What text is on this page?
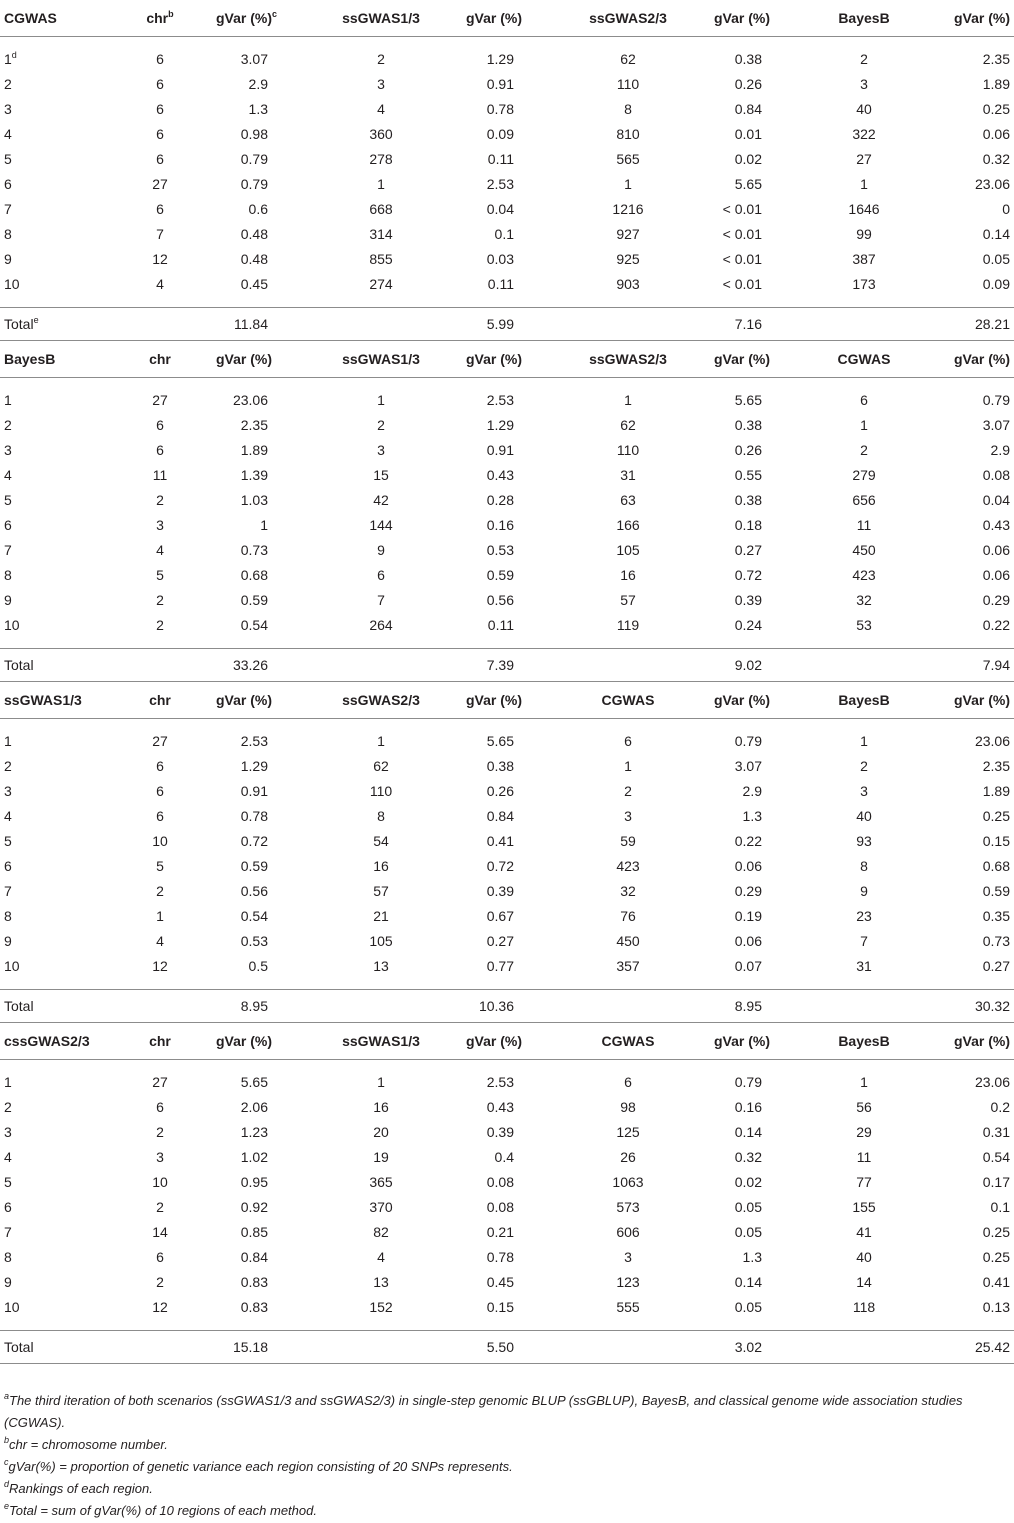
CGWAS	chr$^b$	gVar (%)$^c$	ssGWAS1/3	gVar (%)	ssGWAS2/3	gVar (%)	BayesB	gVar (%)

1$^d$	6	3.07	2	1.29	62	0.38	2	2.35
2	6	2.9	3	0.91	110	0.26	3	1.89
3	6	1.3	4	0.78	8	0.84	40	0.25
4	6	0.98	360	0.09	810	0.01	322	0.06
5	6	0.79	278	0.11	565	0.02	27	0.32
6	27	0.79	1	2.53	1	5.65	1	23.06
7	6	0.6	668	0.04	1216	< 0.01	1646	0
8	7	0.48	314	0.1	927	< 0.01	99	0.14
9	12	0.48	855	0.03	925	< 0.01	387	0.05
10	4	0.45	274	0.11	903	< 0.01	173	0.09

Total$^e$		11.84		5.99		7.16		28.21
BayesB	chr	gVar (%)	ssGWAS1/3	gVar (%)	ssGWAS2/3	gVar (%)	CGWAS	gVar (%)

1	27	23.06	1	2.53	1	5.65	6	0.79
2	6	2.35	2	1.29	62	0.38	1	3.07
3	6	1.89	3	0.91	110	0.26	2	2.9
4	11	1.39	15	0.43	31	0.55	279	0.08
5	2	1.03	42	0.28	63	0.38	656	0.04
6	3	1	144	0.16	166	0.18	11	0.43
7	4	0.73	9	0.53	105	0.27	450	0.06
8	5	0.68	6	0.59	16	0.72	423	0.06
9	2	0.59	7	0.56	57	0.39	32	0.29
10	2	0.54	264	0.11	119	0.24	53	0.22

Total		33.26		7.39		9.02		7.94
ssGWAS1/3	chr	gVar (%)	ssGWAS2/3	gVar (%)	CGWAS	gVar (%)	BayesB	gVar (%)

1	27	2.53	1	5.65	6	0.79	1	23.06
2	6	1.29	62	0.38	1	3.07	2	2.35
3	6	0.91	110	0.26	2	2.9	3	1.89
4	6	0.78	8	0.84	3	1.3	40	0.25
5	10	0.72	54	0.41	59	0.22	93	0.15
6	5	0.59	16	0.72	423	0.06	8	0.68
7	2	0.56	57	0.39	32	0.29	9	0.59
8	1	0.54	21	0.67	76	0.19	23	0.35
9	4	0.53	105	0.27	450	0.06	7	0.73
10	12	0.5	13	0.77	357	0.07	31	0.27

Total		8.95		10.36		8.95		30.32
cssGWAS2/3	chr	gVar (%)	ssGWAS1/3	gVar (%)	CGWAS	gVar (%)	BayesB	gVar (%)

1	27	5.65	1	2.53	6	0.79	1	23.06
2	6	2.06	16	0.43	98	0.16	56	0.2
3	2	1.23	20	0.39	125	0.14	29	0.31
4	3	1.02	19	0.4	26	0.32	11	0.54
5	10	0.95	365	0.08	1063	0.02	77	0.17
6	2	0.92	370	0.08	573	0.05	155	0.1
7	14	0.85	82	0.21	606	0.05	41	0.25
8	6	0.84	4	0.78	3	1.3	40	0.25
9	2	0.83	13	0.45	123	0.14	14	0.41
10	12	0.83	152	0.15	555	0.05	118	0.13

Total		15.18		5.50		3.02		25.42
$^a$The third iteration of both scenarios (ssGWAS1/3 and ssGWAS2/3) in single-step genomic BLUP (ssGBLUP), BayesB, and classical genome wide association studies (CGWAS).
$^b$chr = chromosome number.
$^c$gVar(%) = proportion of genetic variance each region consisting of 20 SNPs represents.
$^d$Rankings of each region.
$^e$Total = sum of gVar(%) of 10 regions of each method.
